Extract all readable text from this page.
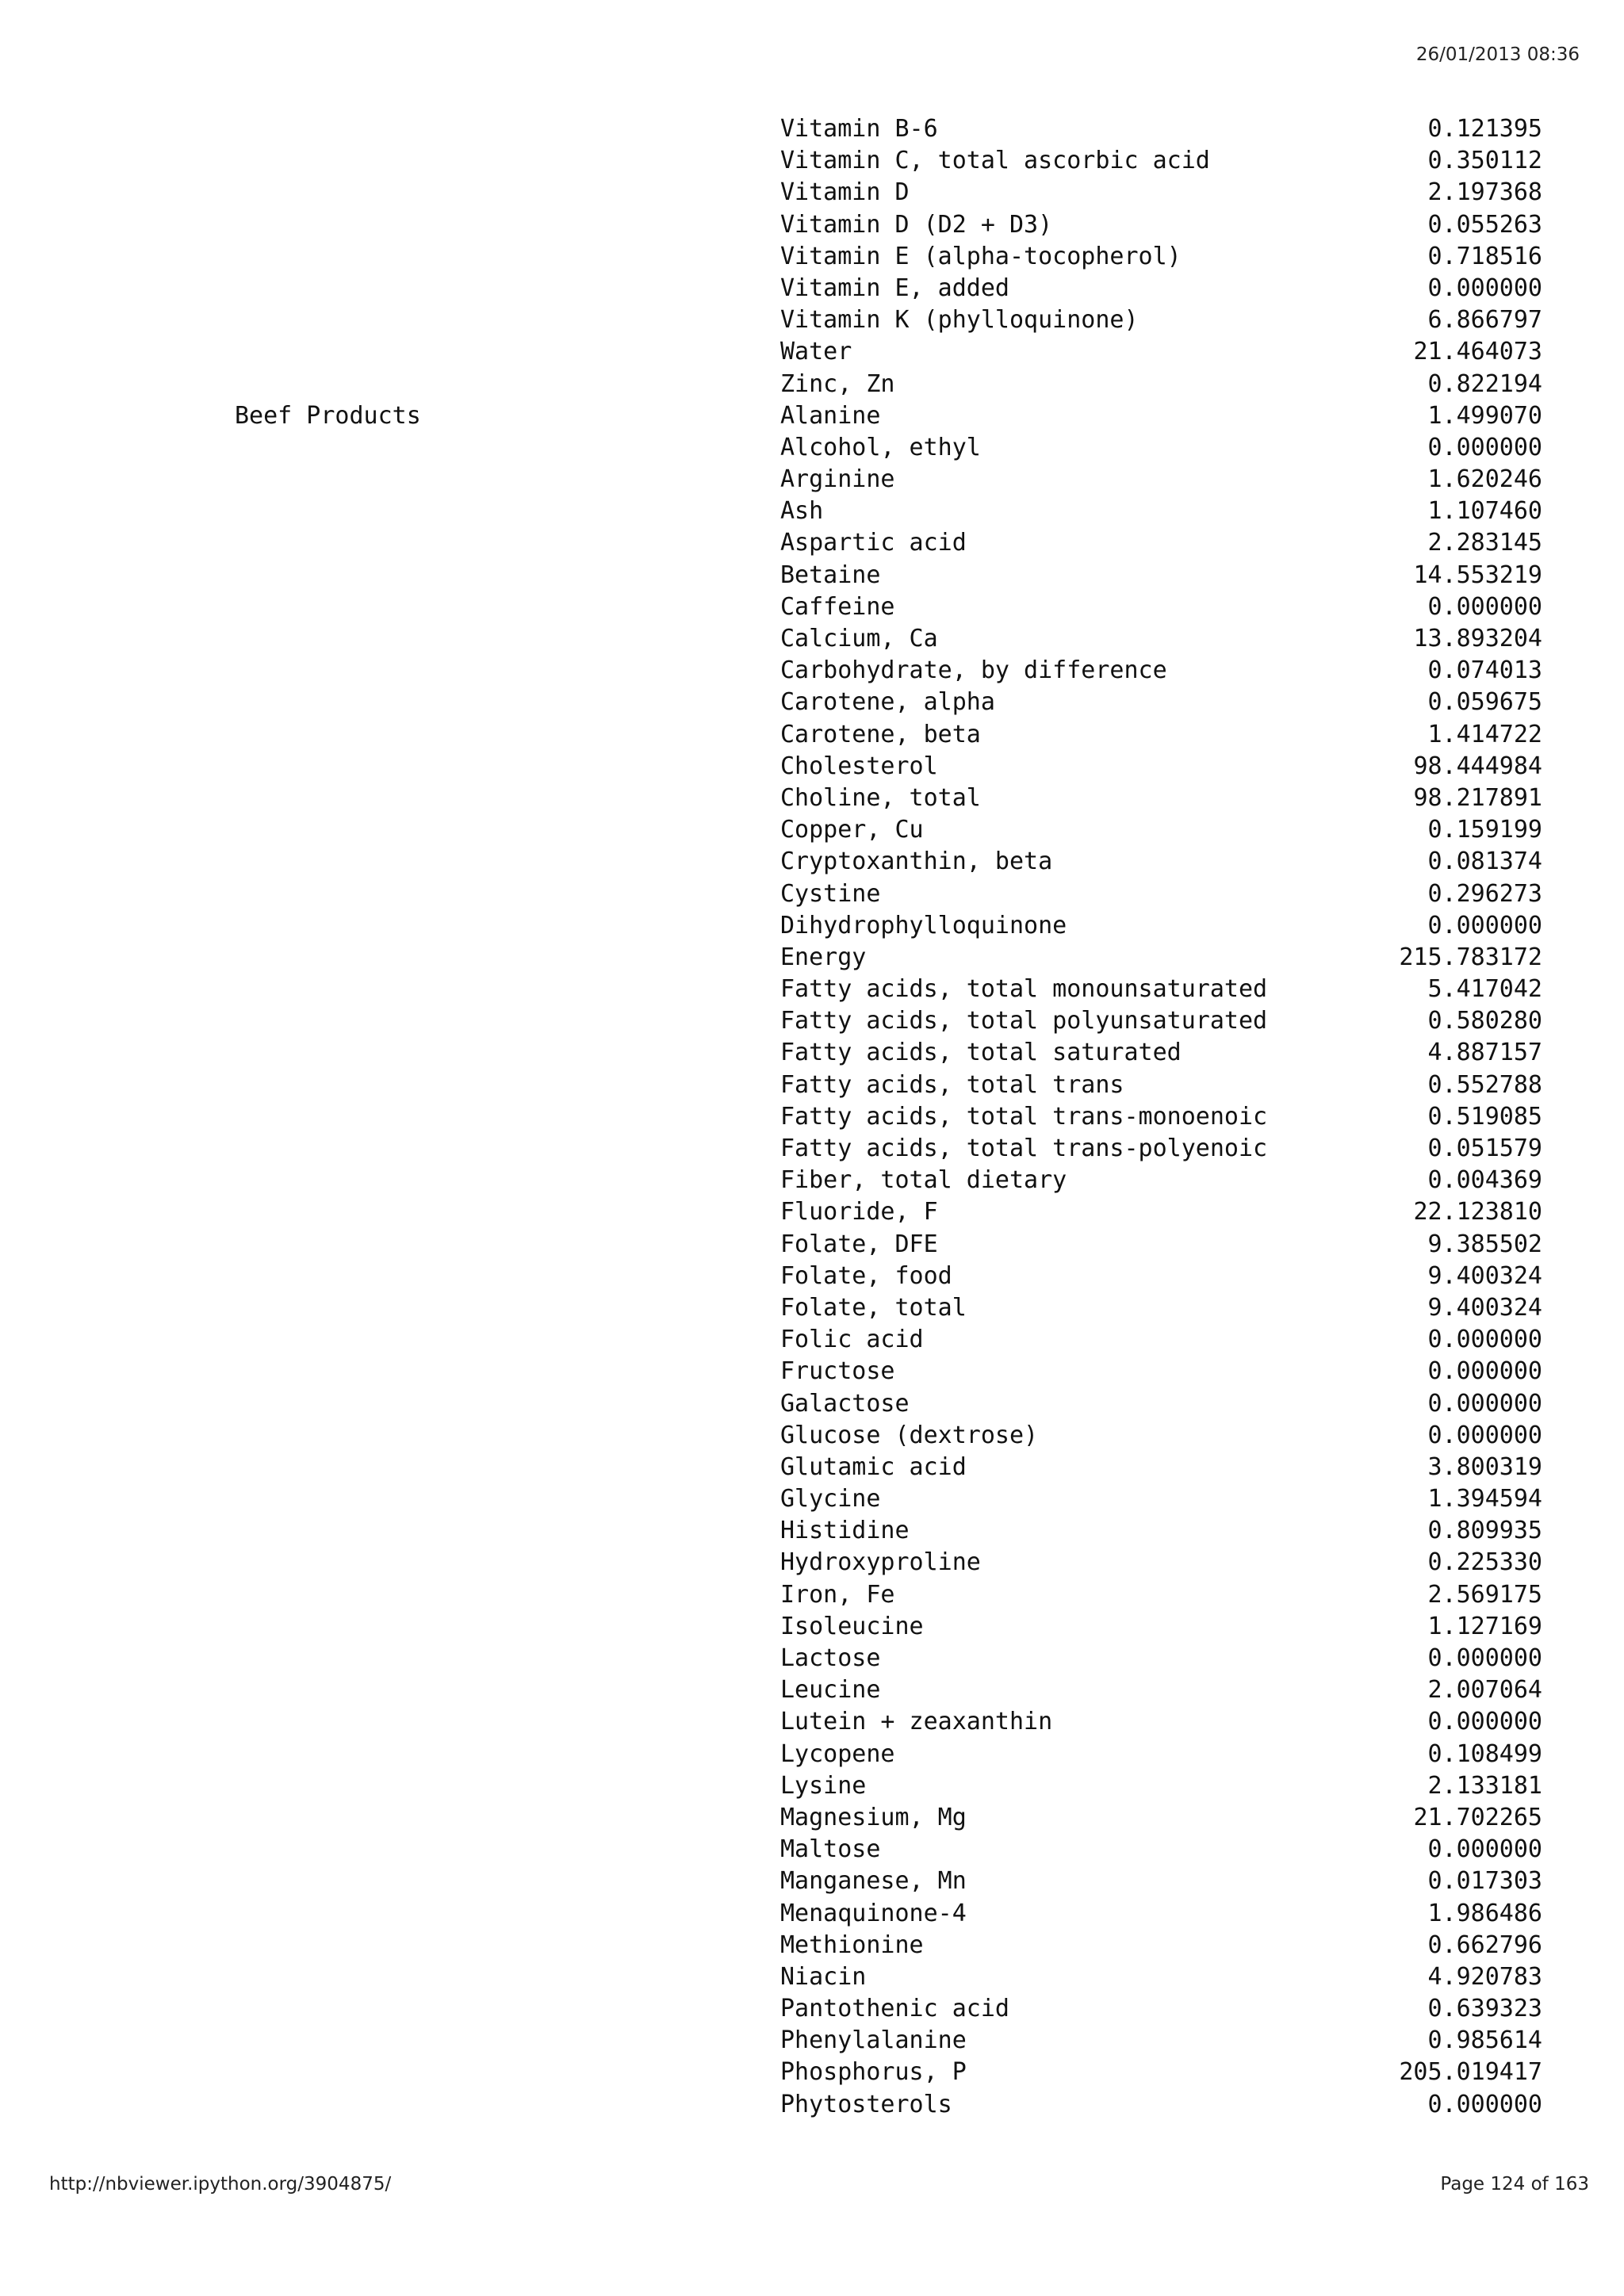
26/01/2013 08:36
Vitamin B-6	0.121395
Vitamin C, total ascorbic acid	0.350112
Vitamin D	2.197368
Vitamin D (D2 + D3)	0.055263
Vitamin E (alpha-tocopherol)	0.718516
Vitamin E, added	0.000000
Vitamin K (phylloquinone)	6.866797
Water	21.464073
Zinc, Zn	0.822194
Beef Products	Alanine	1.499070
Alcohol, ethyl	0.000000
Arginine	1.620246
Ash	1.107460
Aspartic acid	2.283145
Betaine	14.553219
Caffeine	0.000000
Calcium, Ca	13.893204
Carbohydrate, by difference	0.074013
Carotene, alpha	0.059675
Carotene, beta	1.414722
Cholesterol	98.444984
Choline, total	98.217891
Copper, Cu	0.159199
Cryptoxanthin, beta	0.081374
Cystine	0.296273
Dihydrophylloquinone	0.000000
Energy	215.783172
Fatty acids, total monounsaturated	5.417042
Fatty acids, total polyunsaturated	0.580280
Fatty acids, total saturated	4.887157
Fatty acids, total trans	0.552788
Fatty acids, total trans-monoenoic	0.519085
Fatty acids, total trans-polyenoic	0.051579
Fiber, total dietary	0.004369
Fluoride, F	22.123810
Folate, DFE	9.385502
Folate, food	9.400324
Folate, total	9.400324
Folic acid	0.000000
Fructose	0.000000
Galactose	0.000000
Glucose (dextrose)	0.000000
Glutamic acid	3.800319
Glycine	1.394594
Histidine	0.809935
Hydroxyproline	0.225330
Iron, Fe	2.569175
Isoleucine	1.127169
Lactose	0.000000
Leucine	2.007064
Lutein + zeaxanthin	0.000000
Lycopene	0.108499
Lysine	2.133181
Magnesium, Mg	21.702265
Maltose	0.000000
Manganese, Mn	0.017303
Menaquinone-4	1.986486
Methionine	0.662796
Niacin	4.920783
Pantothenic acid	0.639323
Phenylalanine	0.985614
Phosphorus, P	205.019417
Phytosterols	0.000000
http://nbviewer.ipython.org/3904875/	Page 124 of 163
